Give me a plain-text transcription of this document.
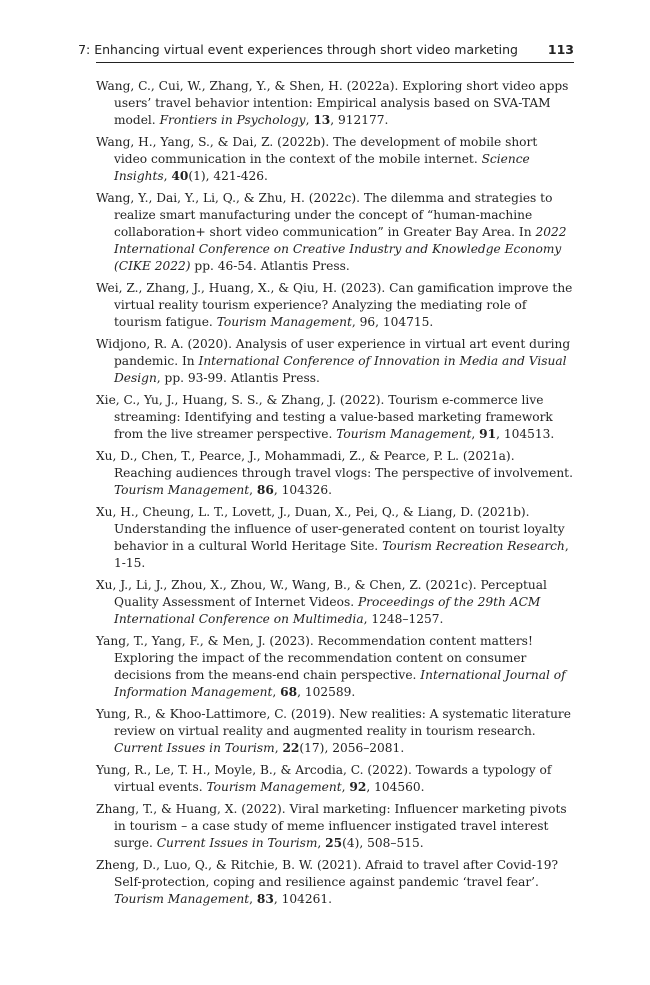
7: Enhancing virtual event experiences through short video marketing 113

Wang, C., Cui, W., Zhang, Y., & Shen, H. (2022a). Exploring short video apps users’ travel behavior intention: Empirical analysis based on SVA-TAM model. Frontiers in Psychology, 13, 912177.

Wang, H., Yang, S., & Dai, Z. (2022b). The development of mobile short video communication in the context of the mobile internet. Science Insights, 40(1), 421-426.

Wang, Y., Dai, Y., Li, Q., & Zhu, H. (2022c). The dilemma and strategies to realize smart manufacturing under the concept of “human-machine collaboration+ short video communication” in Greater Bay Area. In 2022 International Conference on Creative Industry and Knowledge Economy (CIKE 2022) pp. 46-54. Atlantis Press.

Wei, Z., Zhang, J., Huang, X., & Qiu, H. (2023). Can gamification improve the virtual reality tourism experience? Analyzing the mediating role of tourism fatigue. Tourism Management, 96, 104715.

Widjono, R. A. (2020). Analysis of user experience in virtual art event during pandemic. In International Conference of Innovation in Media and Visual Design, pp. 93-99. Atlantis Press.

Xie, C., Yu, J., Huang, S. S., & Zhang, J. (2022). Tourism e-commerce live streaming: Identifying and testing a value-based marketing framework from the live streamer perspective. Tourism Management, 91, 104513.

Xu, D., Chen, T., Pearce, J., Mohammadi, Z., & Pearce, P. L. (2021a). Reaching audiences through travel vlogs: The perspective of involvement. Tourism Management, 86, 104326.

Xu, H., Cheung, L. T., Lovett, J., Duan, X., Pei, Q., & Liang, D. (2021b). Understanding the influence of user-generated content on tourist loyalty behavior in a cultural World Heritage Site. Tourism Recreation Research, 1-15.

Xu, J., Li, J., Zhou, X., Zhou, W., Wang, B., & Chen, Z. (2021c). Perceptual Quality Assessment of Internet Videos. Proceedings of the 29th ACM International Conference on Multimedia, 1248–1257.

Yang, T., Yang, F., & Men, J. (2023). Recommendation content matters! Exploring the impact of the recommendation content on consumer decisions from the means-end chain perspective. International Journal of Information Management, 68, 102589.

Yung, R., & Khoo-Lattimore, C. (2019). New realities: A systematic literature review on virtual reality and augmented reality in tourism research. Current Issues in Tourism, 22(17), 2056–2081.

Yung, R., Le, T. H., Moyle, B., & Arcodia, C. (2022). Towards a typology of virtual events. Tourism Management, 92, 104560.

Zhang, T., & Huang, X. (2022). Viral marketing: Influencer marketing pivots in tourism – a case study of meme influencer instigated travel interest surge. Current Issues in Tourism, 25(4), 508–515.

Zheng, D., Luo, Q., & Ritchie, B. W. (2021). Afraid to travel after Covid-19? Self-protection, coping and resilience against pandemic ‘travel fear’. Tourism Management, 83, 104261.
